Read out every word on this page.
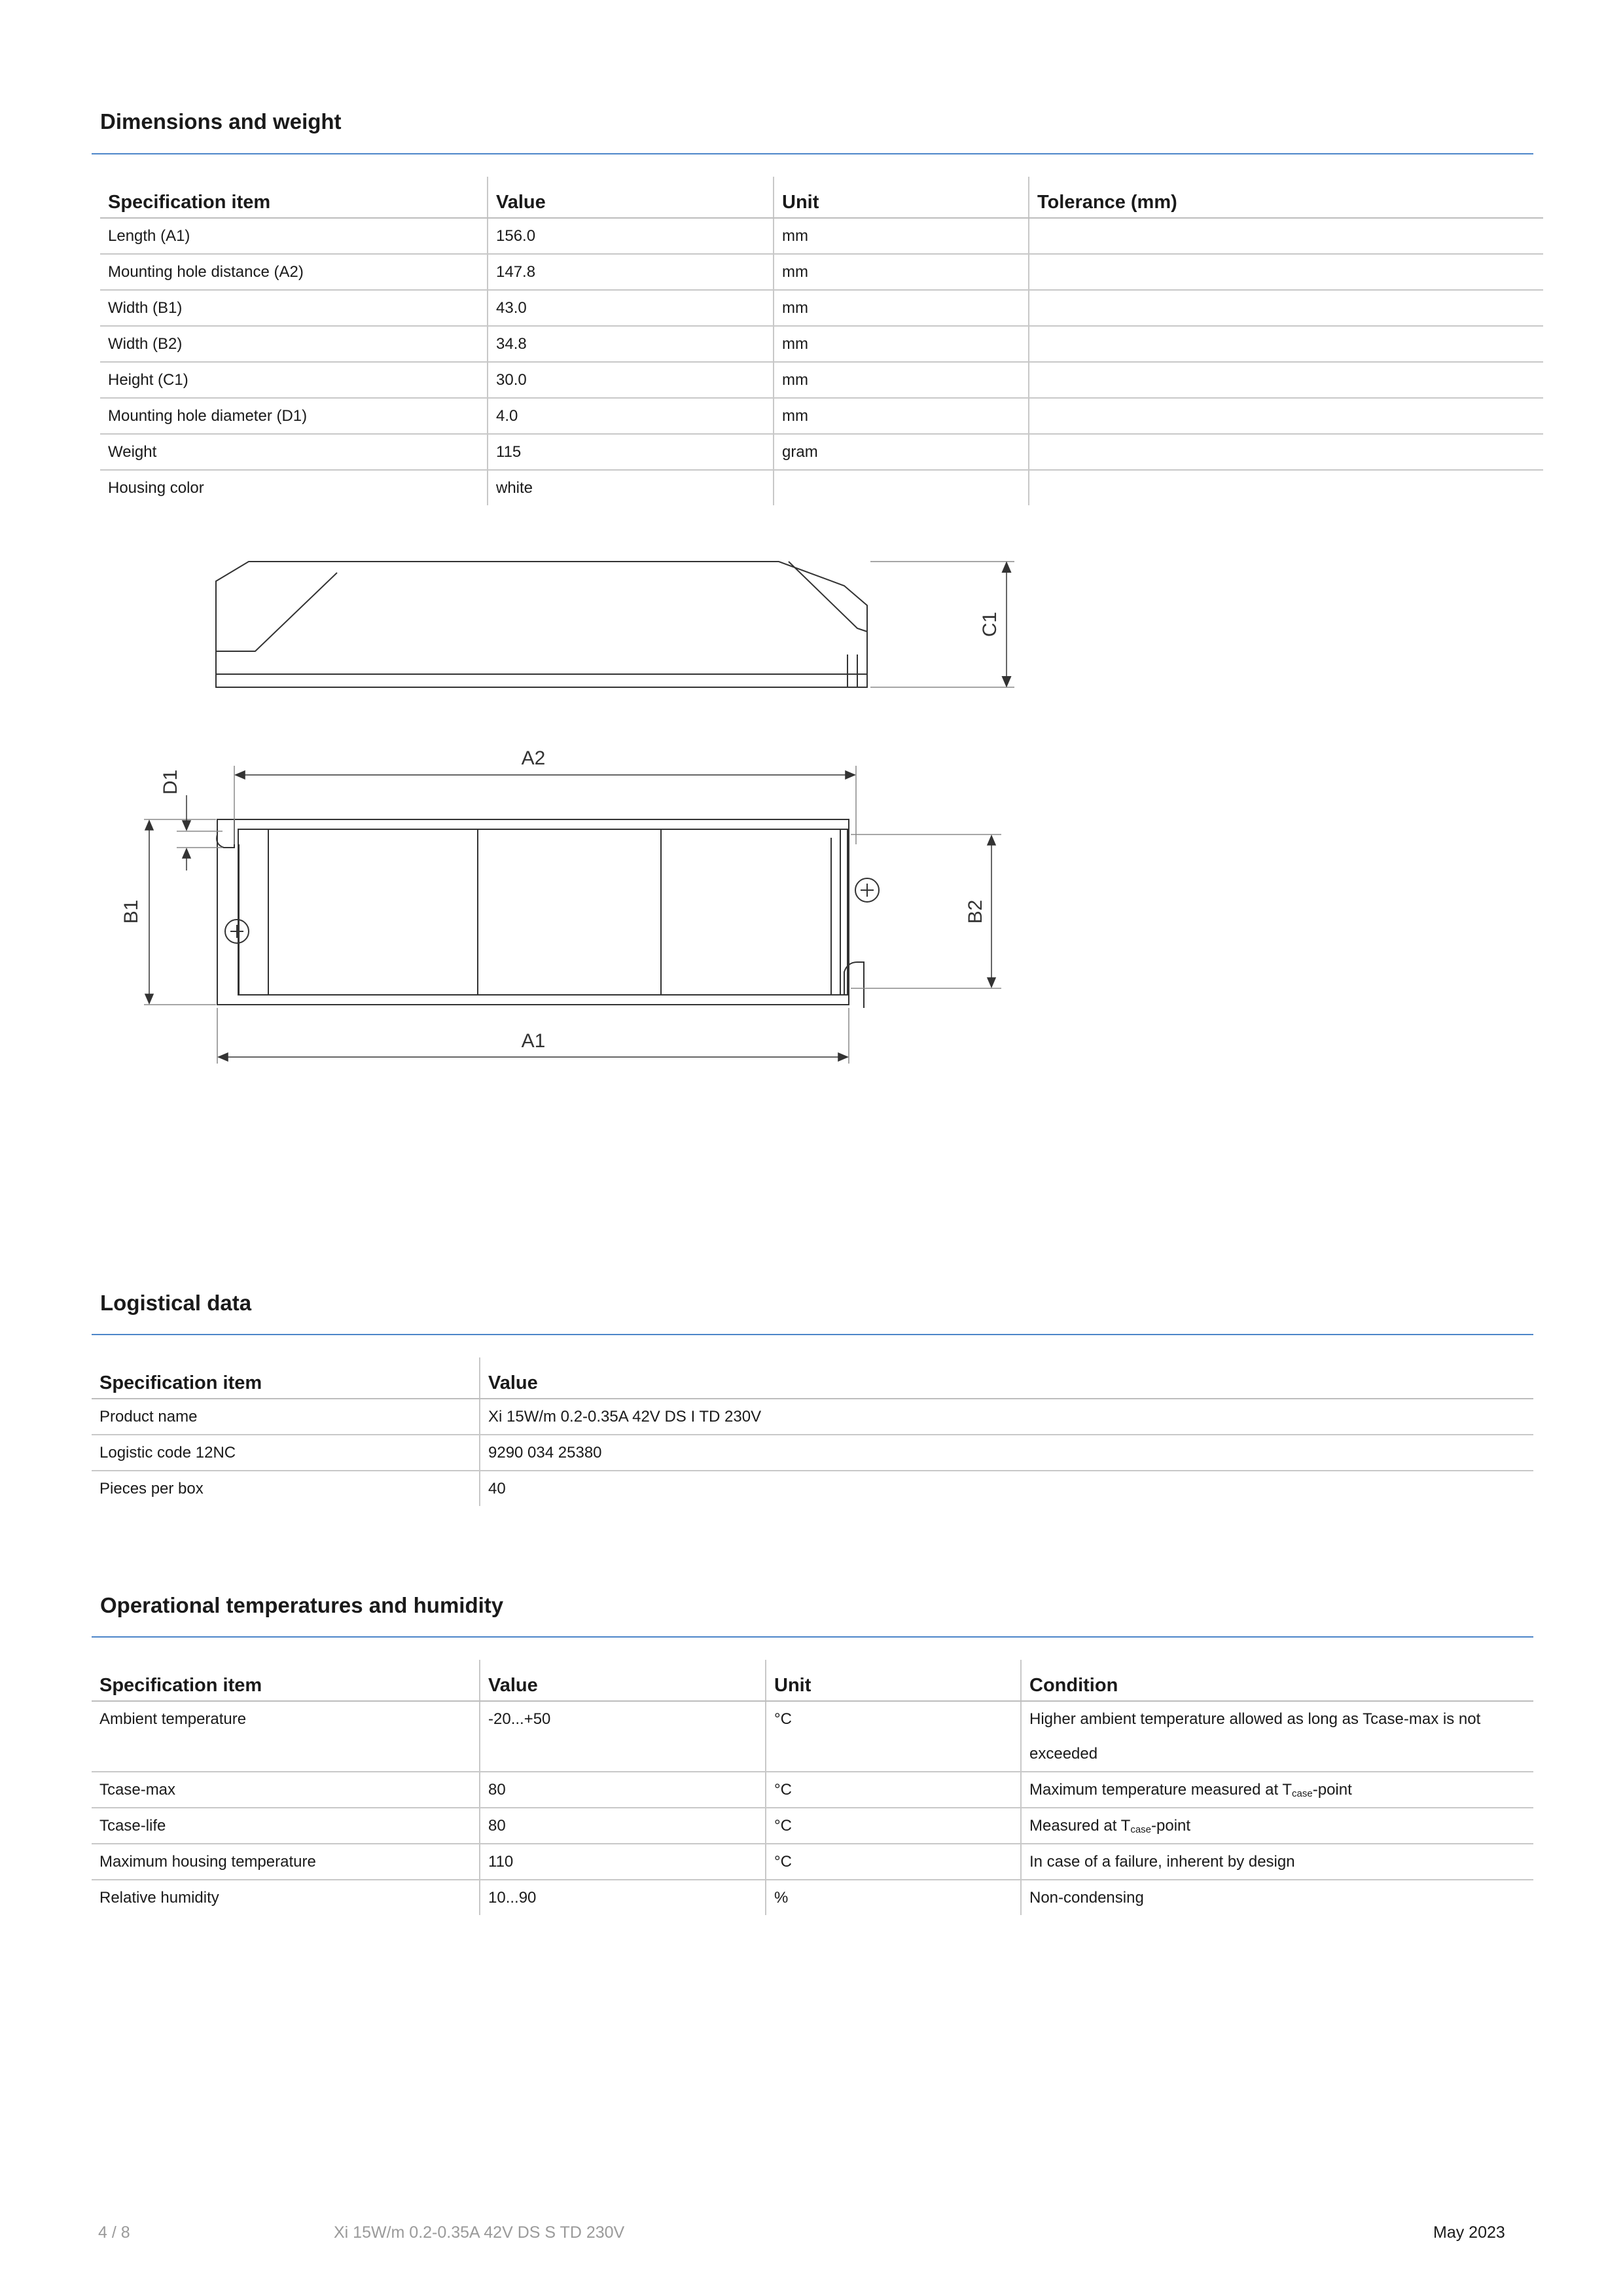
Dimensions and weight
Specification item	Value	Unit	Tolerance (mm)
Length (A1)	156.0	mm	
Mounting hole distance (A2)	147.8	mm	
Width (B1)	43.0	mm	
Width (B2)	34.8	mm	
Height (C1)	30.0	mm	
Mounting hole diameter (D1)	4.0	mm	
Weight	115	gram	
Housing color	white		
A2
A1
B1	B2
C1
D1
Logistical data
Specification item	Value
Product name	Xi 15W/m 0.2-0.35A 42V DS I TD 230V
Logistic code 12NC	9290 034 25380
Pieces per box	40
Operational temperatures and humidity
Specification item	Value	Unit	Condition
Ambient temperature	-20...+50	°C	Higher ambient temperature allowed as long as Tcase-max is not exceeded
Tcase-max	80	°C	Maximum temperature measured at $T_{case}$-point
Tcase-life	80	°C	Measured at $T_{case}$-point
Maximum housing temperature	110	°C	In case of a failure, inherent by design
Relative humidity	10...90	%	Non-condensing
4 / 8	Xi 15W/m 0.2-0.35A 42V DS S TD 230V	May 2023
